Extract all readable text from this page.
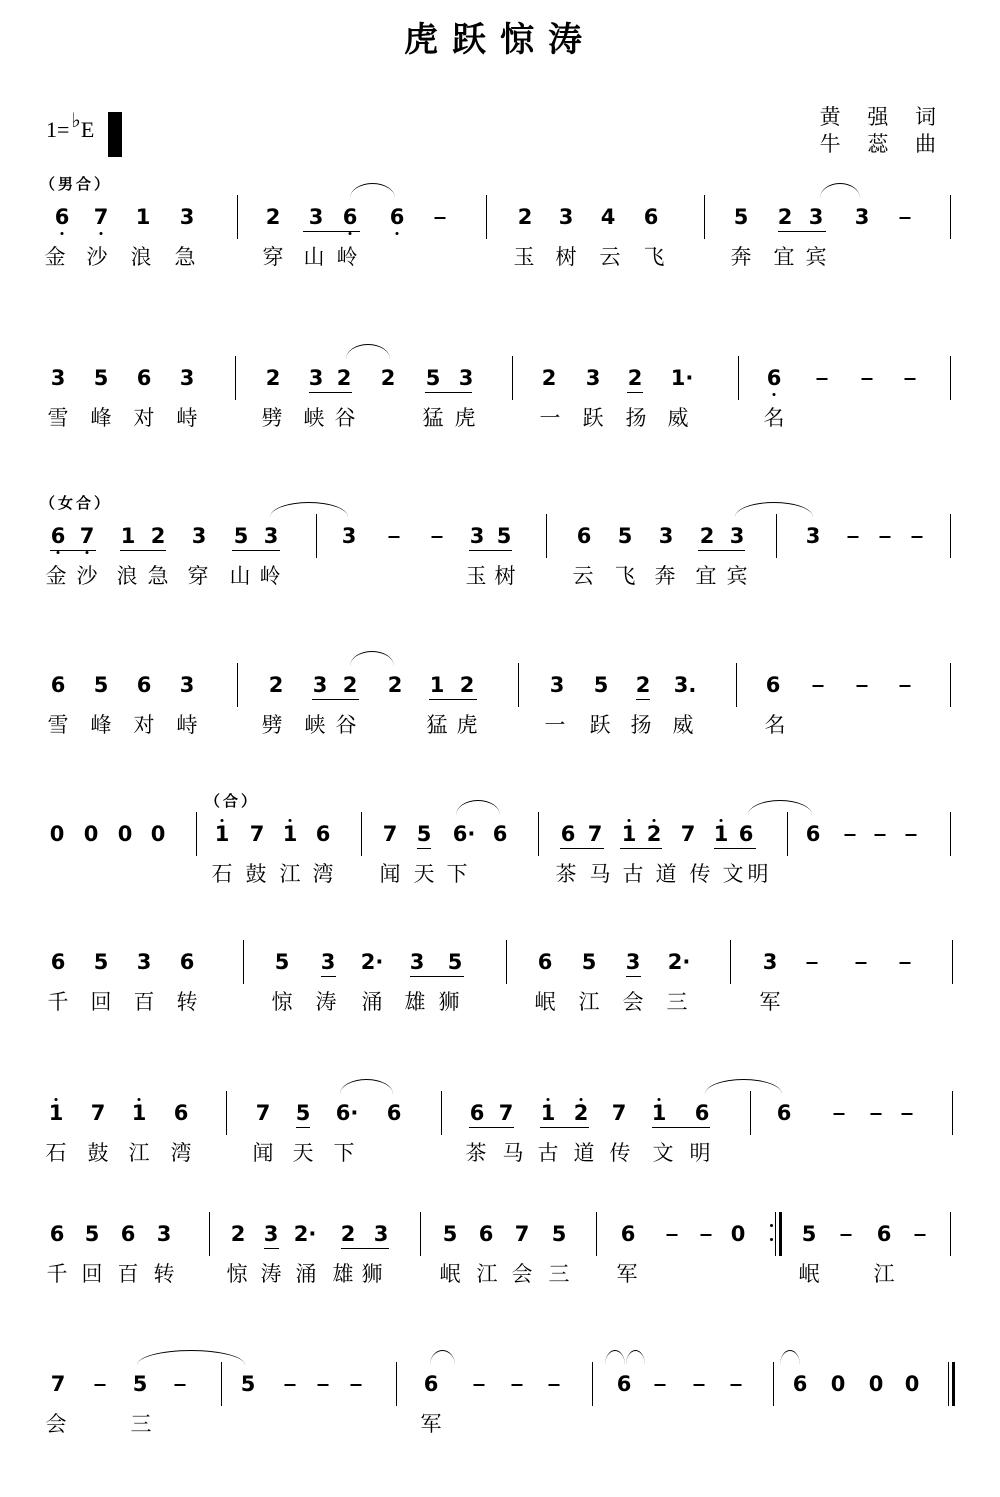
虎跃惊涛
1 = ♭ E	黄 强 词
牛 蕊 曲
（男合）
6 7 1 3	2 3 6 6	2 3 4 6	5 2 3 3
金 沙 浪 急	穿 山 岭	玉 树 云 飞	奔 宜 宾
3 5 6 3	2 3 2 2 5 3	2 3 2 1·	6
雪 峰 对 峙	劈 峡 谷	猛 虎	一 跃 扬 威	名
（女合）
6 7 1 2 3 5 3	3	3 5	6 5 3 2 3	3
金 沙 浪 急 穿 山 岭	玉 树	云 飞 奔 宜 宾
6 5 6 3	2 3 2 2 1 2	3 5 2 3.	6
雪 峰 对 峙	劈 峡 谷	猛 虎	一 跃 扬 威	名
（合）
0 0 0 0 1 7 1 6 7 5 6· 6	6 7 1 2 7 1 6 6
石 鼓 江 湾 闻 天 下	茶 马 古 道 传 文 明
6 5 3 6	5 3 2· 3 5	6 5 3 2·	3
千 回 百 转	惊 涛 涌 雄 狮	岷 江 会 三	军
1 7 1 6	7 5 6· 6	6 7 1 2 7 1 6	6
石 鼓 江 湾	闻 天 下	茶 马 古 道 传 文 明
6 5 6 3	2 3 2· 2 3	5 6 7 5	6	0	5	6
千 回 百 转 惊 涛 涌 雄 狮	岷 江 会 三 军	岷	江
7	5	5	6	6	6 0 0 0
会	三	军
